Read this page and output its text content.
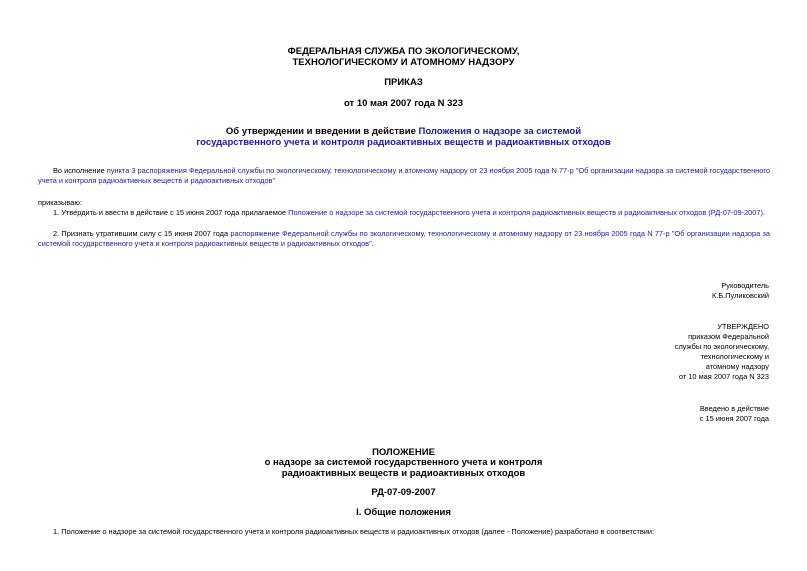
ФЕДЕРАЛЬНАЯ СЛУЖБА ПО ЭКОЛОГИЧЕСКОМУ,
ТЕХНОЛОГИЧЕСКОМУ И АТОМНОМУ НАДЗОРУ
ПРИКАЗ
от 10 мая 2007 года N 323
Об утверждении и введении в действие Положения о надзоре за системой
государственного учета и контроля радиоактивных веществ и радиоактивных отходов
Во исполнение пункта 3 распоряжения Федеральной службы по экологическому, технологическому и атомному надзору от 23 ноября 2005 года N 77-р "Об организации надзора за системой государственного учета и контроля радиоактивных веществ и радиоактивных отходов"
приказываю:
1. Утвердить и ввести в действие с 15 июня 2007 года прилагаемое Положение о надзоре за системой государственного учета и контроля радиоактивных веществ и радиоактивных отходов (РД-07-09-2007).
2. Признать утратившим силу с 15 июня 2007 года распоряжение Федеральной службы по экологическому, технологическому и атомному надзору от 23 ноября 2005 года N 77-р "Об организации надзора за системой государственного учета и контроля радиоактивных веществ и радиоактивных отходов".
Руководитель
К.Б.Пуликовский
УТВЕРЖДЕНО
приказом Федеральной
службы по экологическому,
технологическому и
атомному надзору
от 10 мая 2007 года N 323
Введено в действие
с 15 июня 2007 года
ПОЛОЖЕНИЕ
о надзоре за системой государственного учета и контроля
радиоактивных веществ и радиоактивных отходов
РД-07-09-2007
I. Общие положения
1. Положение о надзоре за системой государственного учета и контроля радиоактивных веществ и радиоактивных отходов (далее - Положение) разработано в соответствии:
